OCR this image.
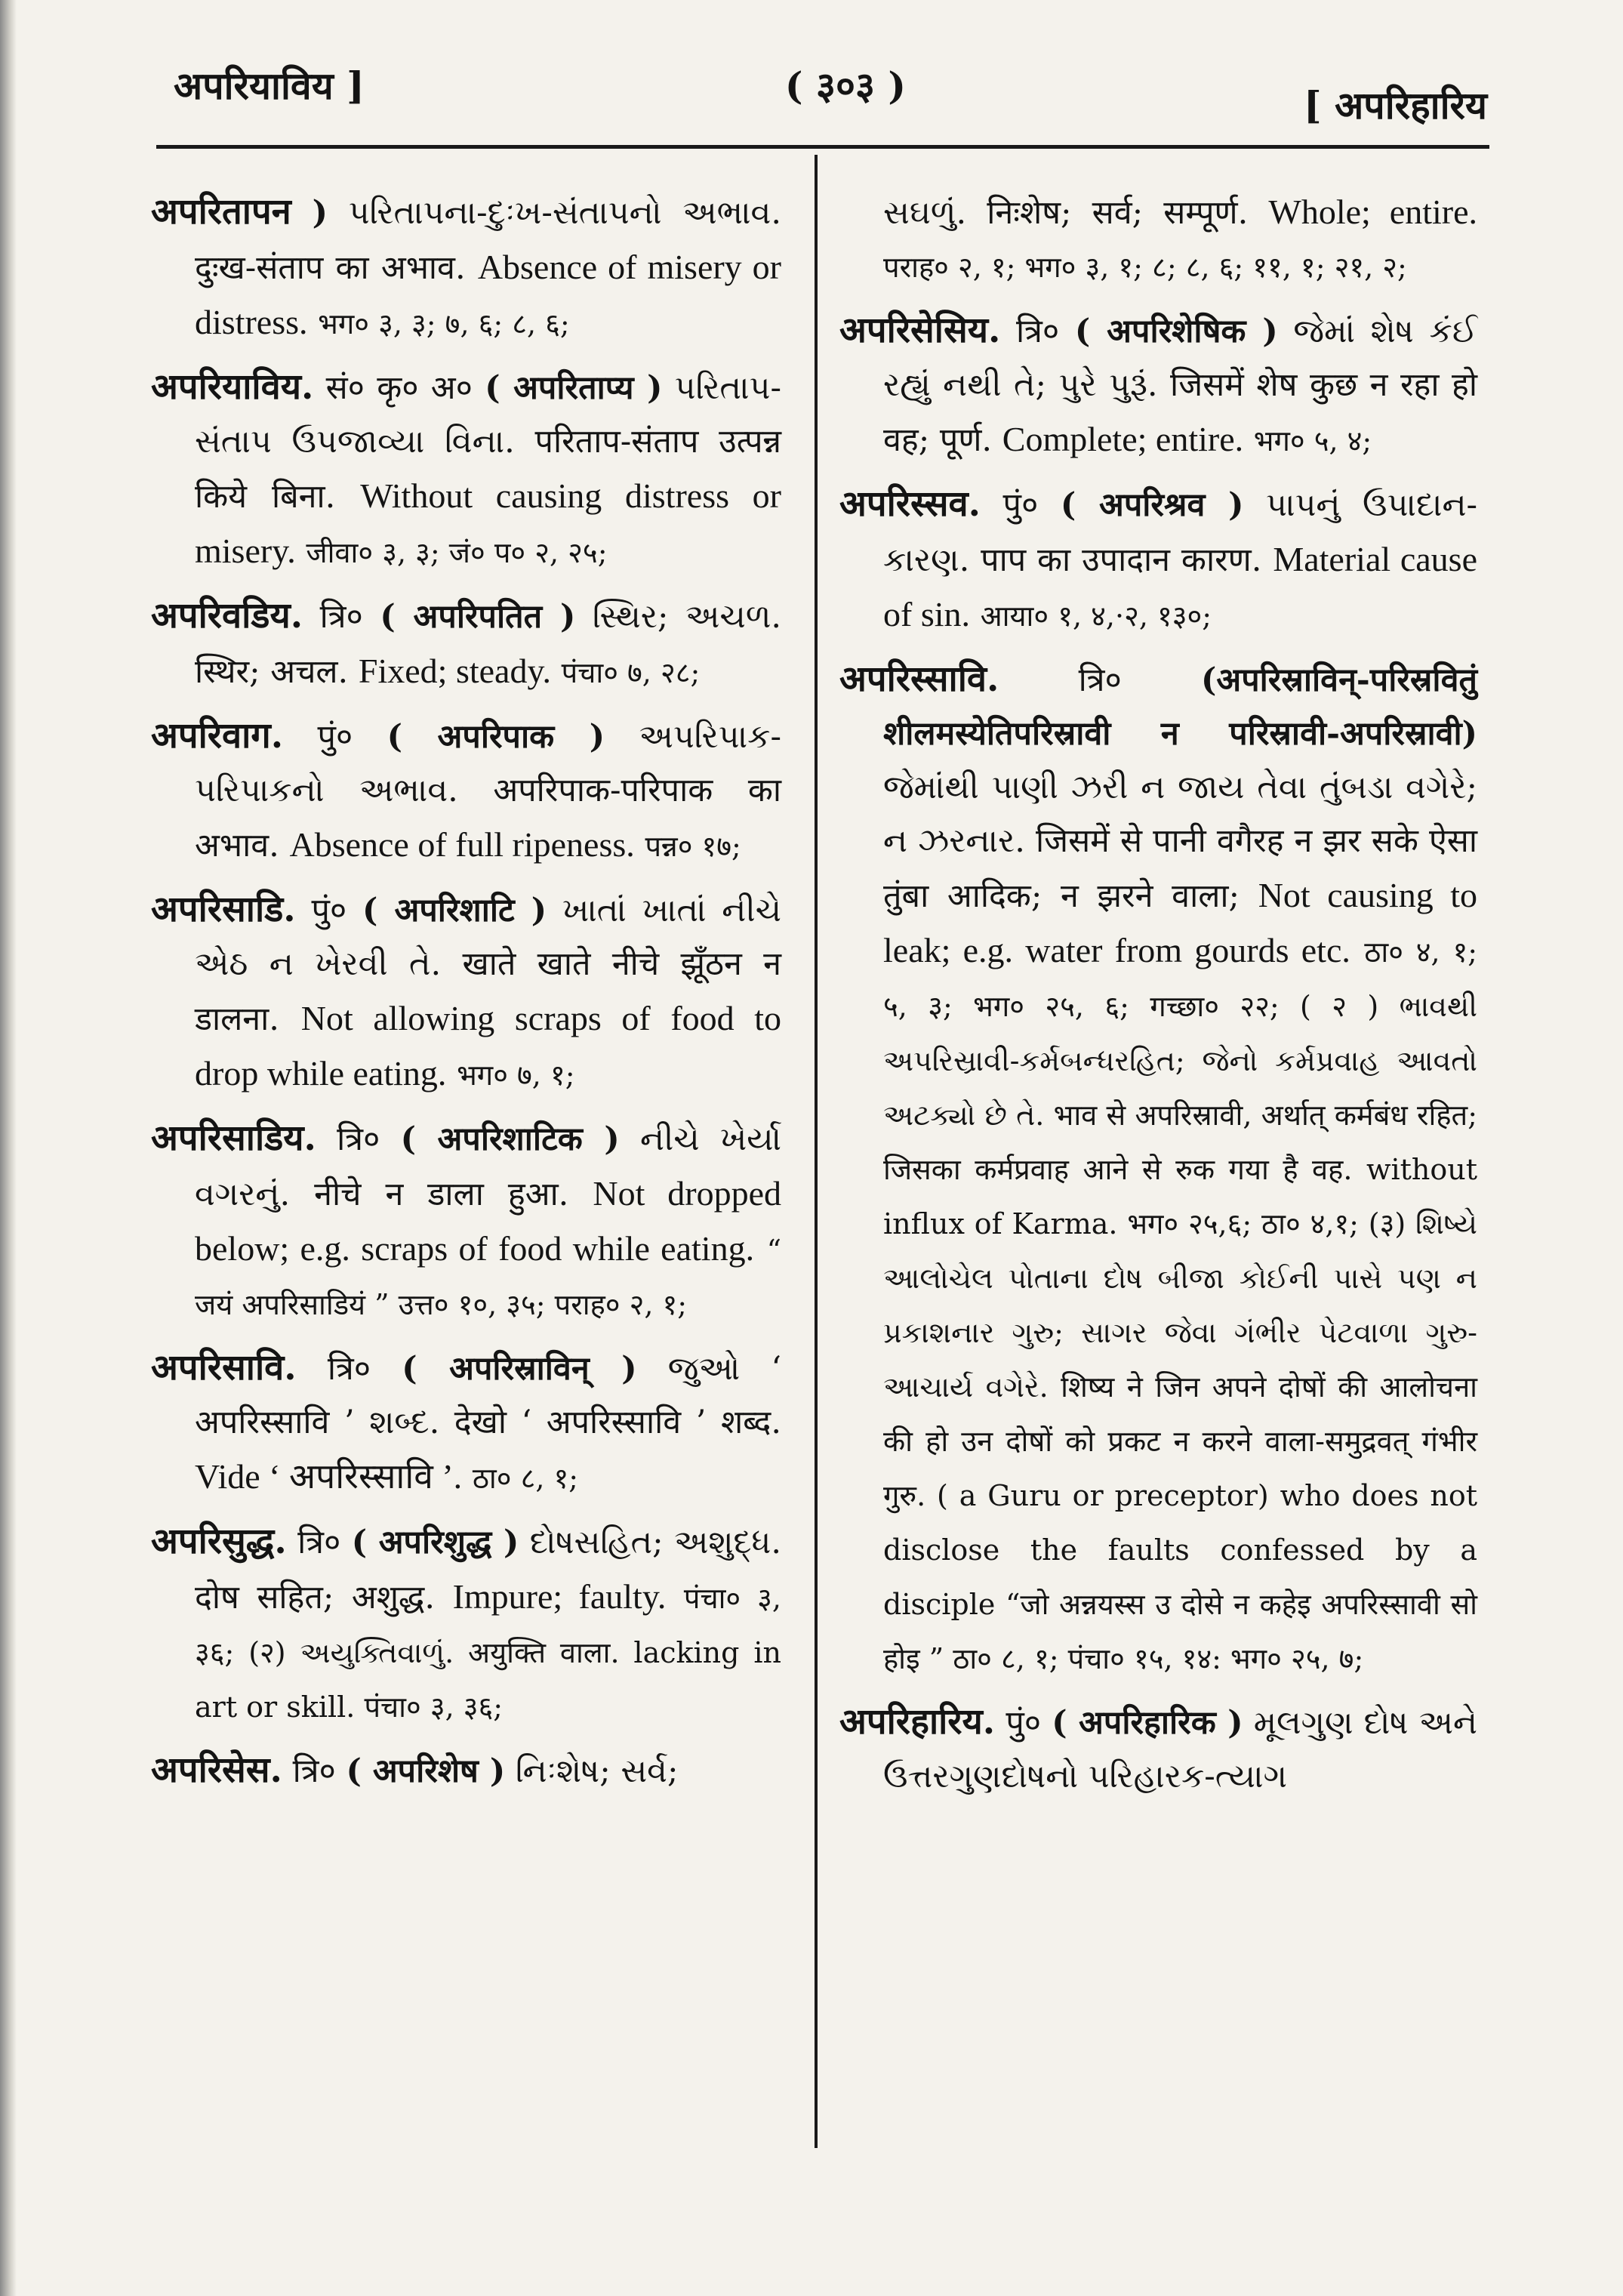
अपरियाविय ]	( ३०३ )	[ अपरिहारिय

अपरितापन ) પરિતાપના-દુઃખ-સંતાપનો અભાવ. दुःख-संताप का अभाव. Absence of misery or distress. भग० ३, ३; ७, ६; ८, ६;

अपरियाविय. सं० कृ० अ० ( अपरिताप्य ) પરિતાપ-સંતાપ ઉપજાવ્યા વિના. परिताप-संताप उत्पन्न किये बिना. Without causing distress or misery. जीवा० ३, ३; जं० प० २, २५;

अपरिवडिय. त्रि० ( अपरिपतित ) સ્થિર; અચળ. स्थिर; अचल. Fixed; steady. पंचा० ७, २८;

अपरिवाग. पुं० ( अपरिपाक ) અપરિપાક-પરિપાકનો અભાવ. अपरिपाक-परिपाक का अभाव. Absence of full ripeness. पन्न० १७;

अपरिसाडि. पुं० ( अपरिशाटि ) ખાતાં ખાતાં નીચે એઠ ન ખેરવી તે. खाते खाते नीचे झूँठन न डालना. Not allowing scraps of food to drop while eating. भग० ७, १;

अपरिसाडिय. त्रि० ( अपरिशाटिक ) નીચે ખેર્યા વગરનું. नीचे न डाला हुआ. Not dropped below; e.g. scraps of food while eating. “ जयं अपरिसाडियं ” उत्त० १०, ३५; पराह० २, १;

अपरिसावि. त्रि० ( अपरिस्राविन् ) જુઓ ‘ अपरिस्सावि ’ શબ્દ. देखो ‘ अपरिस्सावि ’ शब्द. Vide ‘ अपरिस्सावि ’. ठा० ८, १;

अपरिसुद्ध. त्रि० ( अपरिशुद्ध ) દોષસહિત; અશુદ્ધ. दोष सहित; अशुद्ध. Impure; faulty. पंचा० ३, ३६; (२) અયુક્તિવાળું. अयुक्ति वाला. lacking in art or skill. पंचा० ३, ३६;

अपरिसेस. त्रि० ( अपरिशेष ) નિઃશેષ; સર્વ;

સઘળું. निःशेष; सर्व; सम्पूर्ण. Whole; entire. पराह० २, १; भग० ३, १; ८; ८, ६; ११, १; २१, २;

अपरिसेसिय. त्रि० ( अपरिशेषिक ) જેમાં શેષ કંઈ રહ્યું નથી તે; પુરે પુરૂં. जिसमें शेष कुछ न रहा हो वह; पूर्ण. Complete; entire. भग० ५, ४;

अपरिस्सव. पुं० ( अपरिश्रव ) પાપનું ઉપાદાન-કારણ. पाप का उपादान कारण. Material cause of sin. आया० १, ४,·२, १३०;

अपरिस्सावि. त्रि० (अपरिस्राविन्-परिस्रवितुं शीलमस्येतिपरिस्रावी न परिस्रावी-अपरिस्रावी) જેમાંથી પાણી ઝરી ન જાય તેવા તુંબડા વગેરે; ન ઝરનાર. जिसमें से पानी वगैरह न झर सके ऐसा तुंबा आदिक; न झरने वाला; Not causing to leak; e.g. water from gourds etc. ठा० ४, १; ५, ३; भग० २५, ६; गच्छा० २२; ( २ ) ભાવથી અપરિસ્રાવી-કર્મબન્ધરહિત; જેનો કર્મપ્રવાહ આવતો અટક્યો છે તે. भाव से अपरिस्रावी, अर्थात् कर्मबंध रहित; जिसका कर्मप्रवाह आने से रुक गया है वह. without influx of Karma. भग० २५,६; ठा० ४,१; (३) શિષ્યે આલોચેલ પોતાના દોષ બીજા કોઈની પાસે પણ ન પ્રકાશનાર ગુરુ; સાગર જેવા ગંભીર પેટવાળા ગુરુ-આચાર્ય વગેરે. शिष्य ने जिन अपने दोषों की आलोचना की हो उन दोषों को प्रकट न करने वाला-समुद्रवत् गंभीर गुरु. ( a Guru or preceptor) who does not disclose the faults confessed by a disciple “जो अन्नयस्स उ दोसे न कहेइ अपरिस्सावी सो होइ ” ठा० ८, १; पंचा० १५, १४: भग० २५, ७;

अपरिहारिय. पुं० ( अपरिहारिक ) મૂલગુણ દોષ અને ઉત્તરગુણદોષનો પરિહારક-ત્યાગ
